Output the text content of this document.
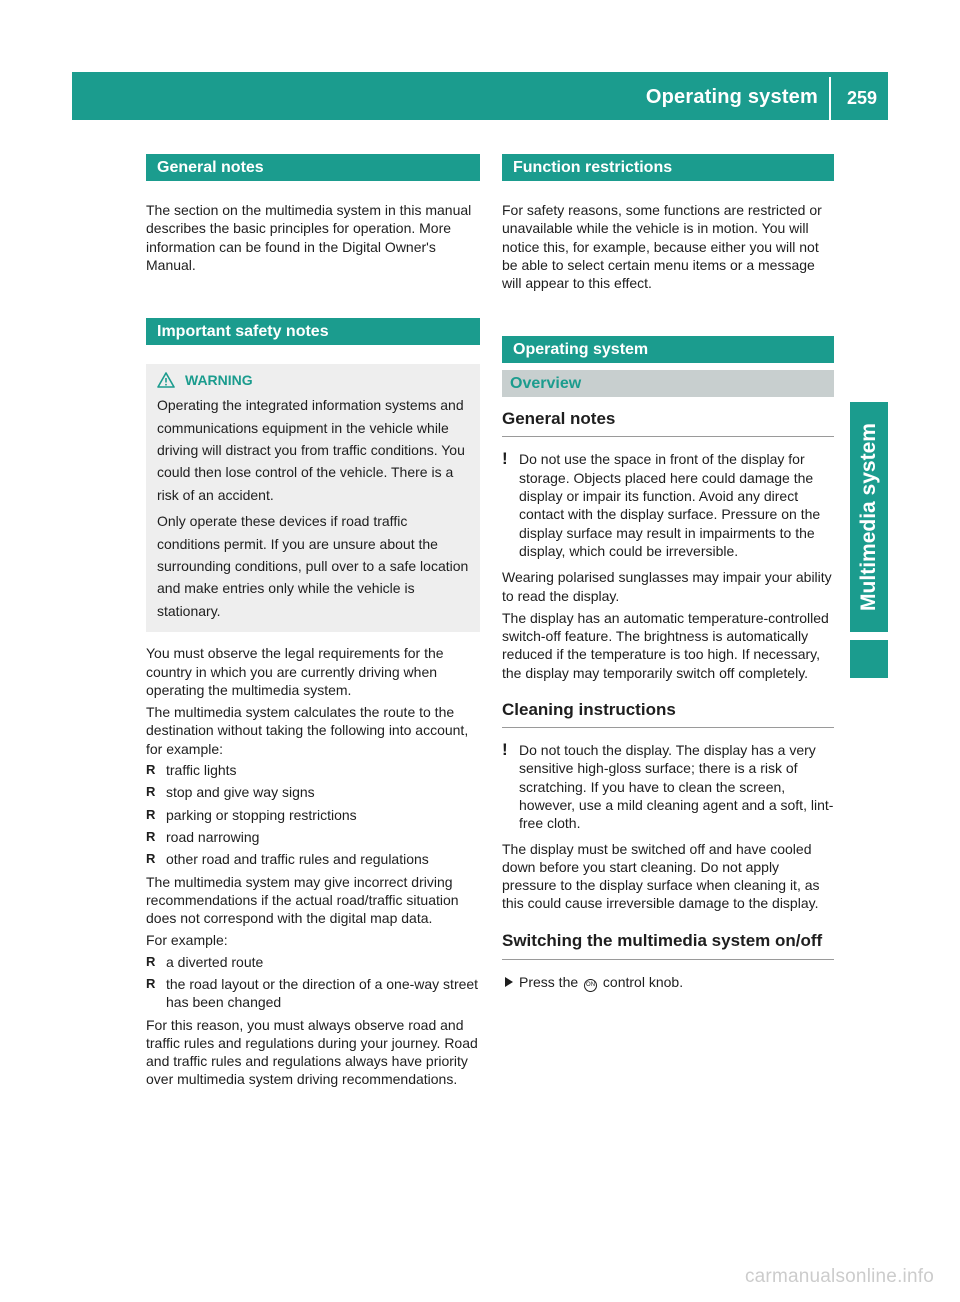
Operating system	259
Multimedia system
General notes

The section on the multimedia system in this manual describes the basic principles for operation. More information can be found in the Digital Owner's Manual.

Important safety notes
WARNING

Operating the integrated information systems and communications equipment in the vehicle while driving will distract you from traffic conditions. You could then lose control of the vehicle. There is a risk of an accident.

Only operate these devices if road traffic conditions permit. If you are unsure about the surrounding conditions, pull over to a safe location and make entries only while the vehicle is stationary.

You must observe the legal requirements for the country in which you are currently driving when operating the multimedia system.

The multimedia system calculates the route to the destination without taking the following into account, for example:

R traffic lights
R stop and give way signs
R parking or stopping restrictions
R road narrowing
R other road and traffic rules and regulations

The multimedia system may give incorrect driving recommendations if the actual road/traffic situation does not correspond with the digital map data.

For example:

R a diverted route
R the road layout or the direction of a one-way street has been changed

For this reason, you must always observe road and traffic rules and regulations during your journey. Road and traffic rules and regulations always have priority over multimedia system driving recommendations.

Function restrictions

For safety reasons, some functions are restricted or unavailable while the vehicle is in motion. You will notice this, for example, because either you will not be able to select certain menu items or a message will appear to this effect.

Operating system
Overview
General notes
! Do not use the space in front of the display for storage. Objects placed here could damage the display or impair its function. Avoid any direct contact with the display surface. Pressure on the display surface may result in impairments to the display, which could be irreversible.

Wearing polarised sunglasses may impair your ability to read the display.

The display has an automatic temperature-controlled switch-off feature. The brightness is automatically reduced if the temperature is too high. If necessary, the display may temporarily switch off completely.

Cleaning instructions
! Do not touch the display. The display has a very sensitive high-gloss surface; there is a risk of scratching. If you have to clean the screen, however, use a mild cleaning agent and a soft, lint-free cloth.

The display must be switched off and have cooled down before you start cleaning. Do not apply pressure to the display surface when cleaning it, as this could cause irreversible damage to the display.

Switching the multimedia system on/off

Press the ON control knob.

carmanualsonline.info
